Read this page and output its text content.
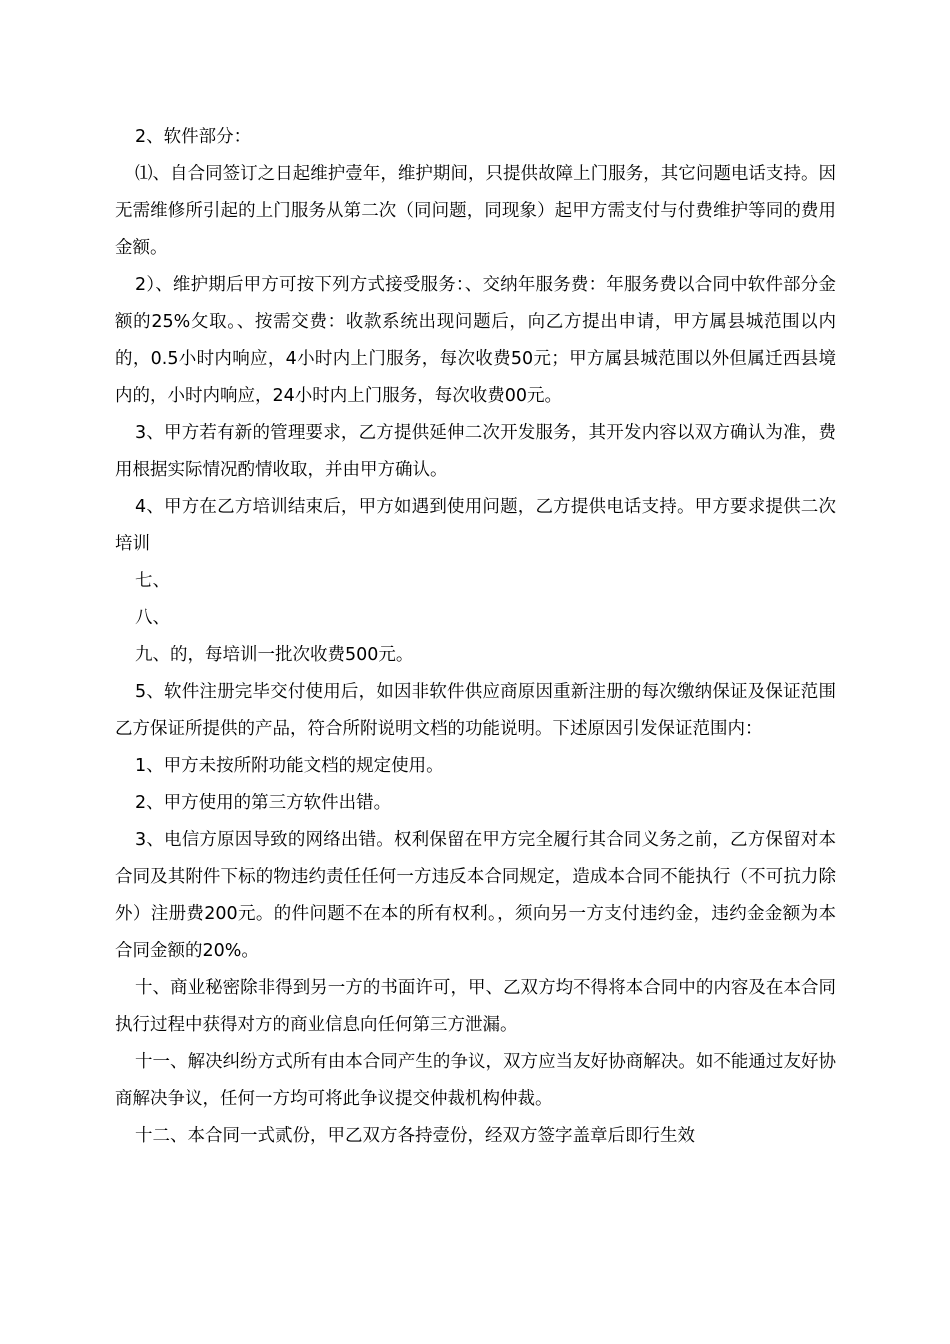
2、软件部分：

⑴、自合同签订之日起维护壹年，维护期间，只提供故障上门服务，其它问题电话支持。因无需维修所引起的上门服务从第二次（同问题，同现象）起甲方需支付与付费维护等同的费用金额。

2）、维护期后甲方可按下列方式接受服务：、交纳年服务费：年服务费以合同中软件部分金额的25%攵取。、按需交费：收款系统出现问题后，向乙方提出申请，甲方属县城范围以内的，0.5小时内响应，4小时内上门服务，每次收费50元；甲方属县城范围以外但属迁西县境内的，小时内响应，24小时内上门服务，每次收费00元。

3、甲方若有新的管理要求，乙方提供延伸二次开发服务，其开发内容以双方确认为准，费用根据实际情况酌情收取，并由甲方确认。

4、甲方在乙方培训结束后，甲方如遇到使用问题，乙方提供电话支持。甲方要求提供二次培训

七、

八、

九、的，每培训一批次收费500元。

5、软件注册完毕交付使用后，如因非软件供应商原因重新注册的每次缴纳保证及保证范围乙方保证所提供的产品，符合所附说明文档的功能说明。下述原因引发保证范围内：

1、甲方未按所附功能文档的规定使用。

2、甲方使用的第三方软件出错。

3、电信方原因导致的网络出错。权利保留在甲方完全履行其合同义务之前，乙方保留对本合同及其附件下标的物违约责任任何一方违反本合同规定，造成本合同不能执行（不可抗力除外）注册费200元。的件问题不在本的所有权利。，须向另一方支付违约金，违约金金额为本合同金额的20%。

十、商业秘密除非得到另一方的书面许可，甲、乙双方均不得将本合同中的内容及在本合同执行过程中获得对方的商业信息向任何第三方泄漏。

十一、解决纠纷方式所有由本合同产生的争议，双方应当友好协商解决。如不能通过友好协商解决争议，任何一方均可将此争议提交仲裁机构仲裁。

十二、本合同一式贰份，甲乙双方各持壹份，经双方签字盖章后即行生效
